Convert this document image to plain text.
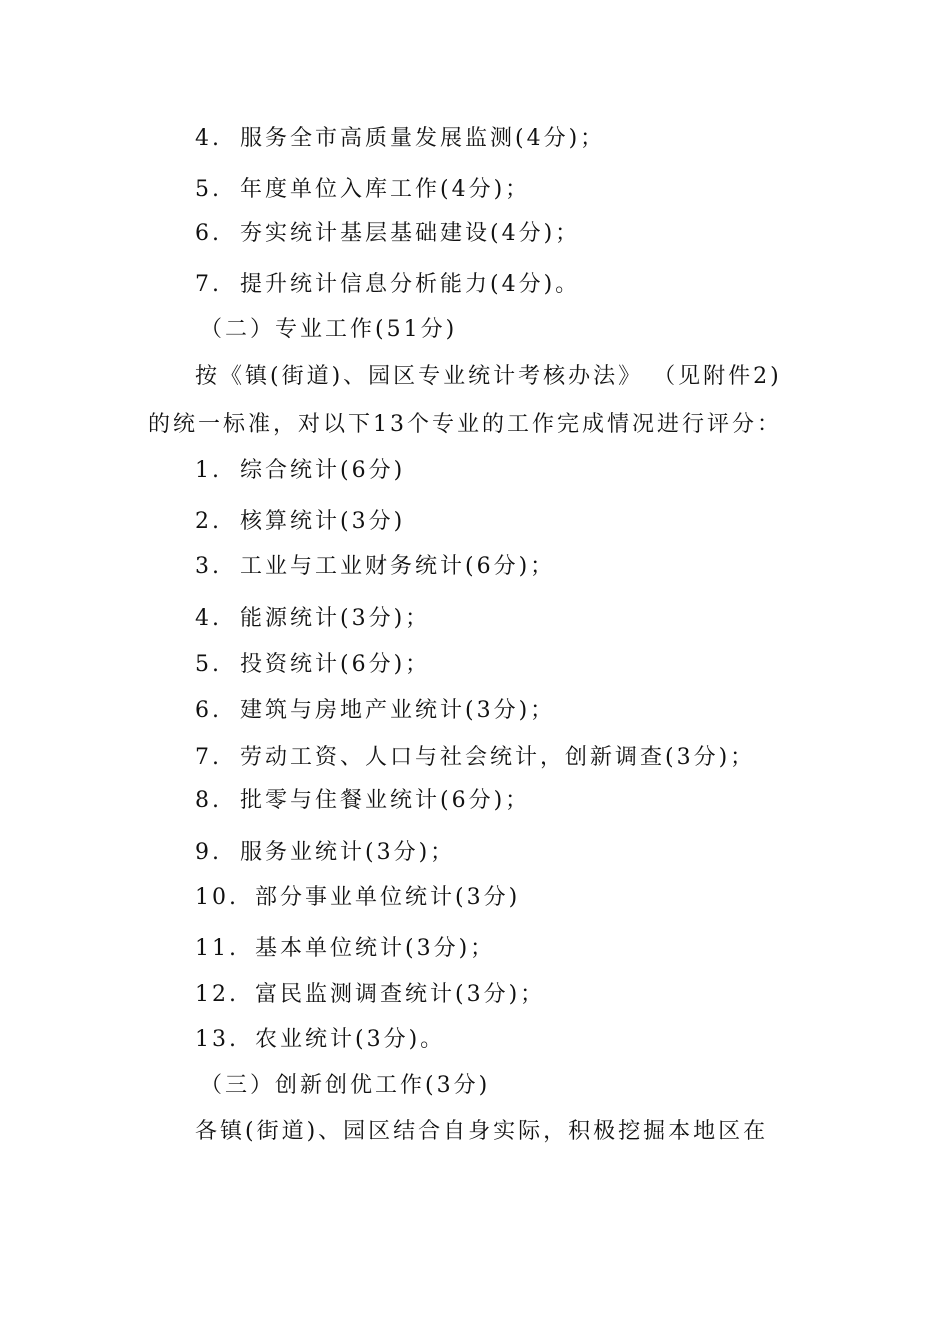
4. 服务全市高质量发展监测(4分)；
5. 年度单位入库工作(4分)；
6. 夯实统计基层基础建设(4分)；
7. 提升统计信息分析能力(4分)。
（二）专业工作(51分)
按《镇(街道)、园区专业统计考核办法》 （见附件2)
的统一标准，对以下13个专业的工作完成情况进行评分：
1. 综合统计(6分)
2. 核算统计(3分)
3. 工业与工业财务统计(6分)；
4. 能源统计(3分)；
5. 投资统计(6分)；
6. 建筑与房地产业统计(3分)；
7. 劳动工资、人口与社会统计，创新调查(3分)；
8. 批零与住餐业统计(6分)；
9. 服务业统计(3分)；
10. 部分事业单位统计(3分)
11. 基本单位统计(3分)；
12. 富民监测调查统计(3分)；
13. 农业统计(3分)。
（三）创新创优工作(3分)
各镇(街道)、园区结合自身实际，积极挖掘本地区在
